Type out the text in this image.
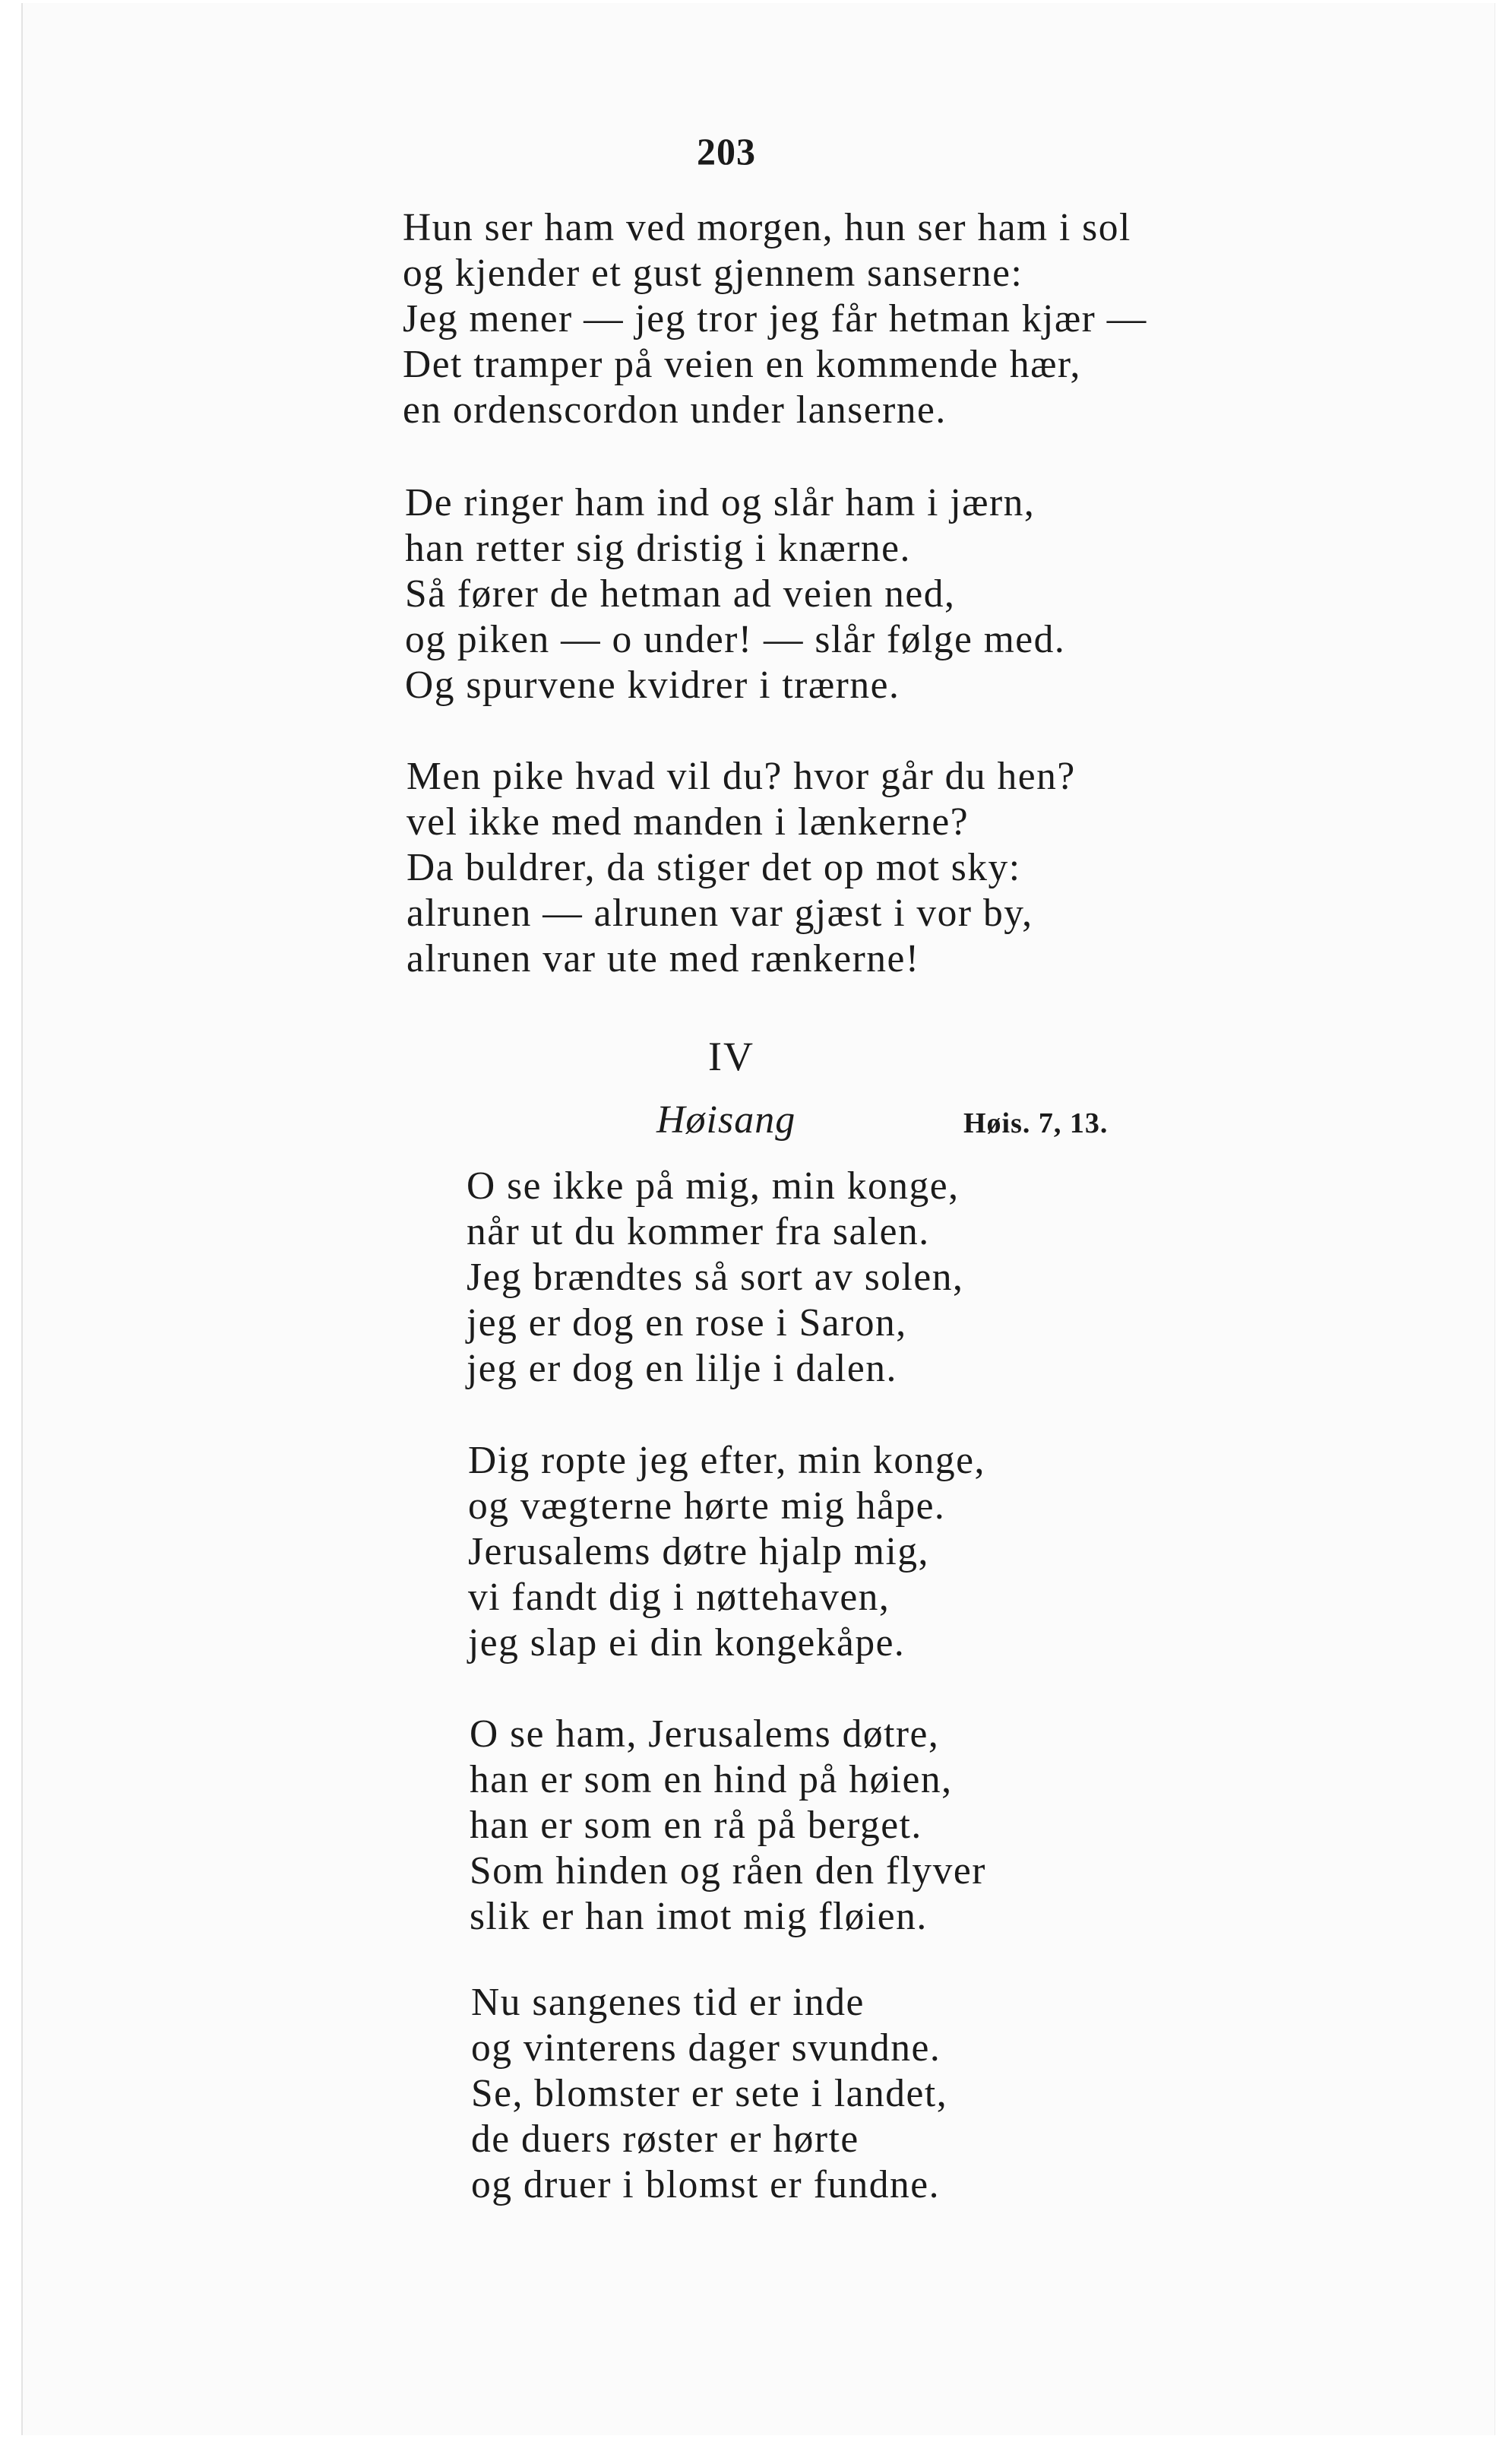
203
Hun ser ham ved morgen, hun ser ham i sol
og kjender et gust gjennem sanserne:
Jeg mener — jeg tror jeg får hetman kjær —
Det tramper på veien en kommende hær,
en ordenscordon under lanserne.
De ringer ham ind og slår ham i jærn,
han retter sig dristig i knærne.
Så fører de hetman ad veien ned,
og piken — o under! — slår følge med.
Og spurvene kvidrer i trærne.
Men pike hvad vil du? hvor går du hen?
vel ikke med manden i lænkerne?
Da buldrer, da stiger det op mot sky:
alrunen — alrunen var gjæst i vor by,
alrunen var ute med rænkerne!
IV
Høisang	Høis. 7, 13.
O se ikke på mig, min konge,
når ut du kommer fra salen.
Jeg brændtes så sort av solen,
jeg er dog en rose i Saron,
jeg er dog en lilje i dalen.
Dig ropte jeg efter, min konge,
og vægterne hørte mig håpe.
Jerusalems døtre hjalp mig,
vi fandt dig i nøttehaven,
jeg slap ei din kongekåpe.
O se ham, Jerusalems døtre,
han er som en hind på høien,
han er som en rå på berget.
Som hinden og råen den flyver
slik er han imot mig fløien.
Nu sangenes tid er inde
og vinterens dager svundne.
Se, blomster er sete i landet,
de duers røster er hørte
og druer i blomst er fundne.
